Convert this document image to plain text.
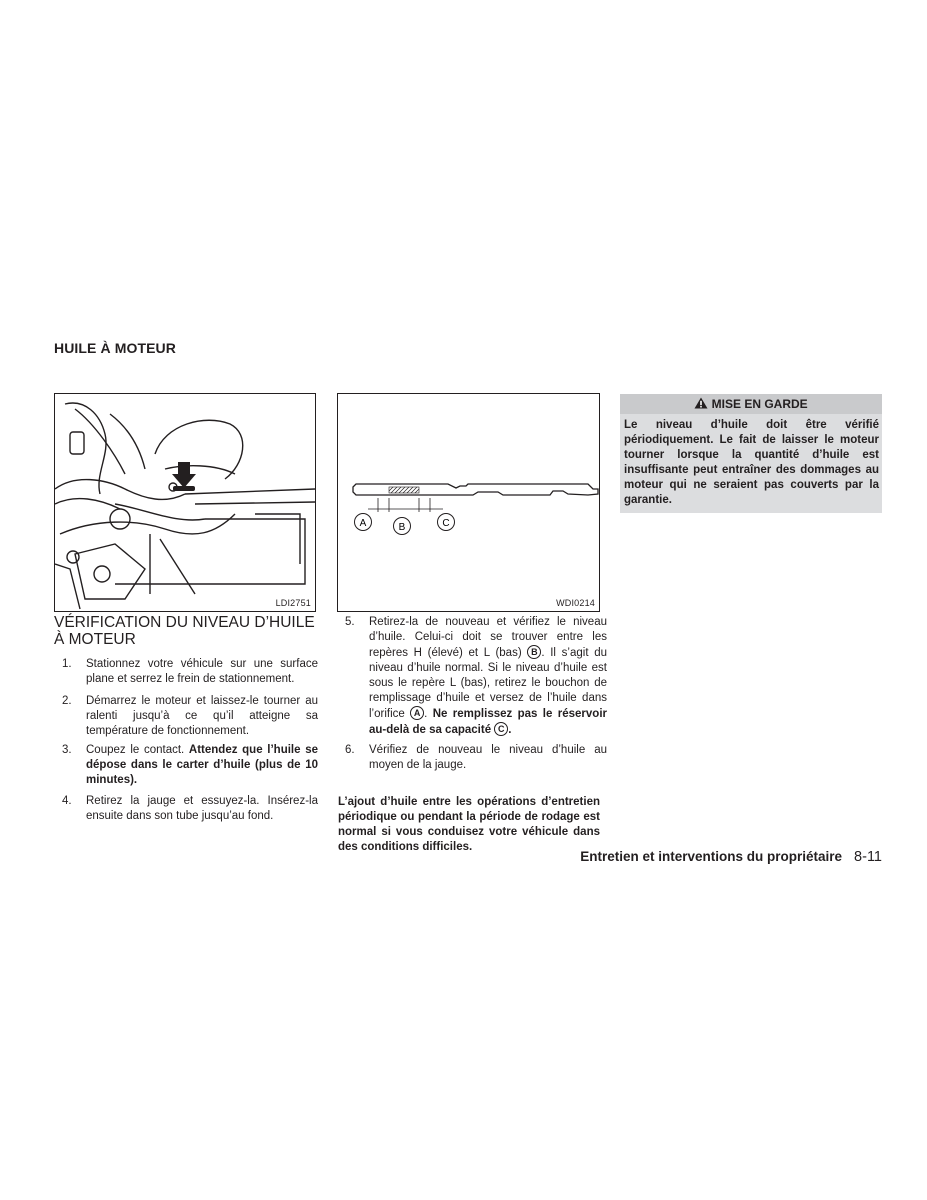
HUILE À MOTEUR
LDI2751
A	B	C
WDI0214
MISE EN GARDE
Le niveau d’huile doit être vérifié périodiquement. Le fait de laisser le moteur tourner lorsque la quantité d’huile est insuffisante peut entraîner des dommages au moteur qui ne seraient pas couverts par la garantie.
VÉRIFICATION DU NIVEAU D’HUILE À MOTEUR
1. Stationnez votre véhicule sur une surface plane et serrez le frein de stationnement.
2. Démarrez le moteur et laissez-le tourner au ralenti jusqu’à ce qu’il atteigne sa température de fonctionnement.
3. Coupez le contact. Attendez que l’huile se dépose dans le carter d’huile (plus de 10 minutes).
4. Retirez la jauge et essuyez-la. Insérez-la ensuite dans son tube jusqu’au fond.
5. Retirez-la de nouveau et vérifiez le niveau d’huile. Celui-ci doit se trouver entre les repères H (élevé) et L (bas) B . Il s’agit du niveau d’huile normal. Si le niveau d’huile est sous le repère L (bas), retirez le bouchon de remplissage d’huile et versez de l’huile dans l’orifice A . Ne remplissez pas le réservoir au-delà de sa capacité C .
6. Vérifiez de nouveau le niveau d’huile au moyen de la jauge.
L’ajout d’huile entre les opérations d’entretien périodique ou pendant la période de rodage est normal si vous conduisez votre véhicule dans des conditions difficiles.
Entretien et interventions du propriétaire 8-11
